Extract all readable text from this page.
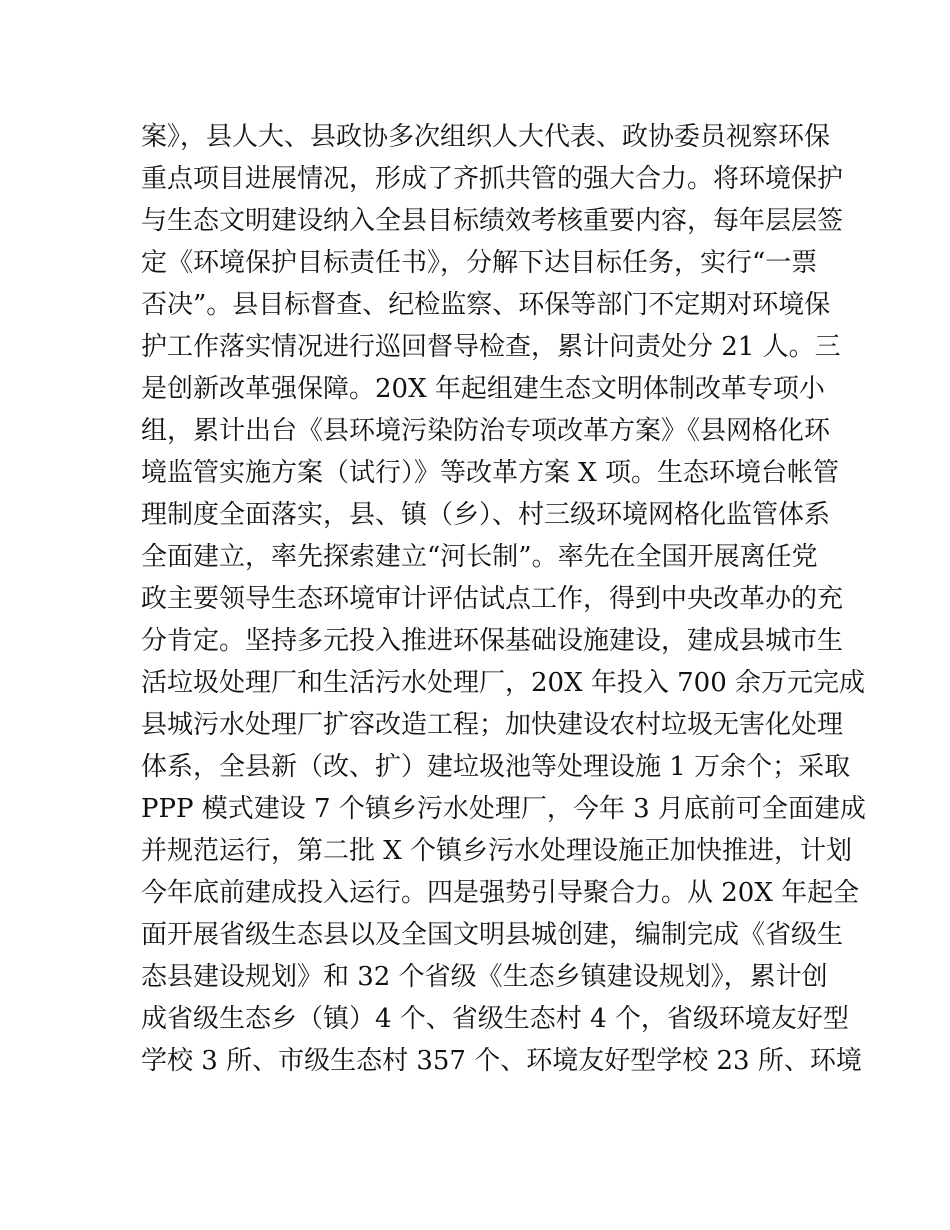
案》，县人大、县政协多次组织人大代表、政协委员视察环保
重点项目进展情况，形成了齐抓共管的强大合力。将环境保护
与生态文明建设纳入全县目标绩效考核重要内容，每年层层签
定《环境保护目标责任书》，分解下达目标任务，实行“一票
否决”。县目标督查、纪检监察、环保等部门不定期对环境保
护工作落实情况进行巡回督导检查，累计问责处分 21 人。三
是创新改革强保障。20X 年起组建生态文明体制改革专项小
组，累计出台《县环境污染防治专项改革方案》《县网格化环
境监管实施方案（试行）》等改革方案 X 项。生态环境台帐管
理制度全面落实，县、镇（乡）、村三级环境网格化监管体系
全面建立，率先探索建立“河长制”。率先在全国开展离任党
政主要领导生态环境审计评估试点工作，得到中央改革办的充
分肯定。坚持多元投入推进环保基础设施建设，建成县城市生
活垃圾处理厂和生活污水处理厂，20X 年投入 700 余万元完成
县城污水处理厂扩容改造工程；加快建设农村垃圾无害化处理
体系，全县新（改、扩）建垃圾池等处理设施 1 万余个；采取
PPP 模式建设 7 个镇乡污水处理厂，今年 3 月底前可全面建成
并规范运行，第二批 X 个镇乡污水处理设施正加快推进，计划
今年底前建成投入运行。四是强势引导聚合力。从 20X 年起全
面开展省级生态县以及全国文明县城创建，编制完成《省级生
态县建设规划》和 32 个省级《生态乡镇建设规划》，累计创
成省级生态乡（镇）4 个、省级生态村 4 个，省级环境友好型
学校 3 所、市级生态村 357 个、环境友好型学校 23 所、环境
